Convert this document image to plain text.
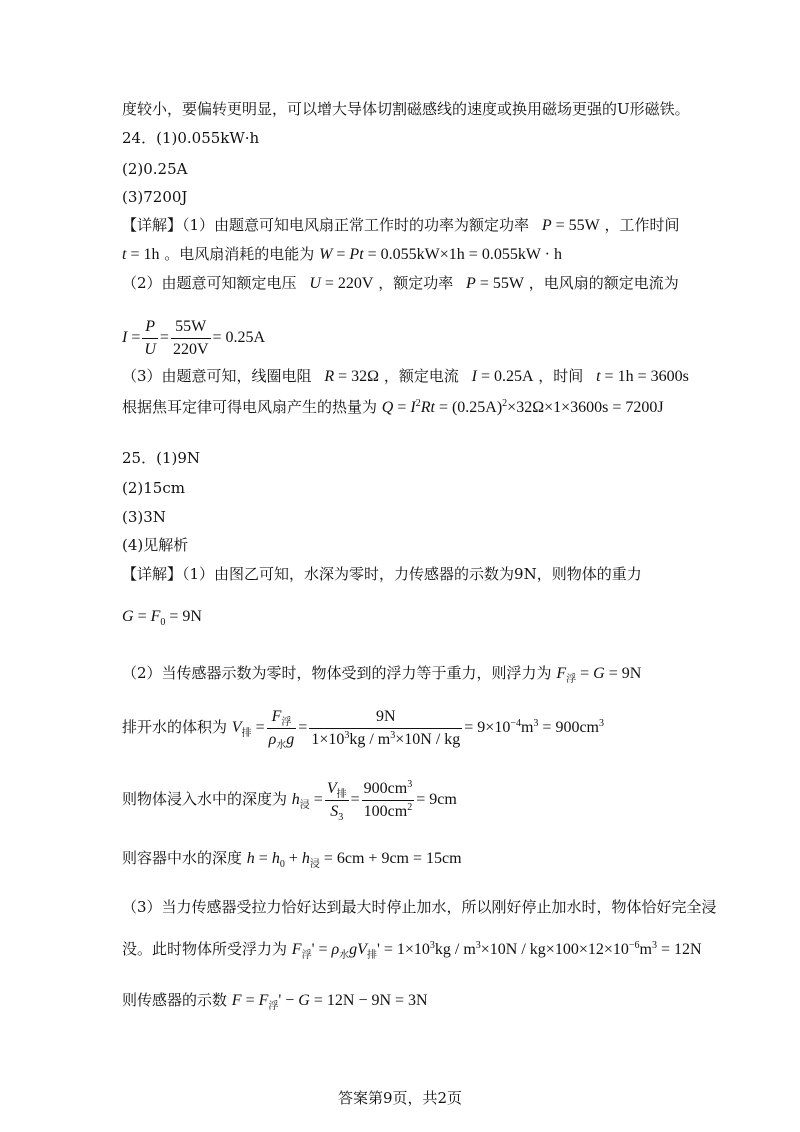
度较小，要偏转更明显，可以增大导体切割磁感线的速度或换用磁场更强的U形磁铁。
24．(1)0.055kW·h
(2)0.25A
(3)7200J
【详解】（1）由题意可知电风扇正常工作时的功率为额定功率 P = 55W ，工作时间
t = 1h 。电风扇消耗的电能为 W = Pt = 0.055kW×1h = 0.055kW · h
（2）由题意可知额定电压 U = 220V ，额定功率 P = 55W ，电风扇的额定电流为
$I = \frac{P}{U} = \frac{55W}{220V} = 0.25A$
（3）由题意可知，线圈电阻 R = 32Ω ，额定电流 I = 0.25A ，时间 t = 1h = 3600s
根据焦耳定律可得电风扇产生的热量为 $Q = I^2Rt = (0.25A)^2\times 32\Omega\times 1\times 3600s = 7200J$
25．(1)9N
(2)15cm
(3)3N
(4)见解析
【详解】（1）由图乙可知，水深为零时，力传感器的示数为9N，则物体的重力
$G = F_0 = 9N$
（2）当传感器示数为零时，物体受到的浮力等于重力，则浮力为 $F_浮 = G = 9N$
排开水的体积为 $V_排 = \frac{F_浮}{\rho_水g} = \frac{9N}{1\times 10^3kg / m^3\times 10N / kg} = 9\times 10^{-4}m^3 = 900cm^3$
则物体浸入水中的深度为 $h_浸 = \frac{V_排}{S_3} = \frac{900cm^3}{100cm^2} = 9cm$
则容器中水的深度 $h = h_0 + h_浸 = 6cm + 9cm = 15cm$
（3）当力传感器受拉力恰好达到最大时停止加水，所以刚好停止加水时，物体恰好完全浸
没。此时物体所受浮力为 $F_浮' = \rho_水gV_排' = 1\times 10^3kg / m^3\times 10N / kg\times 100\times 12\times 10^{-6}m^3 = 12N$
则传感器的示数 $F = F_浮' - G = 12N - 9N = 3N$
答案第9页，共2页
